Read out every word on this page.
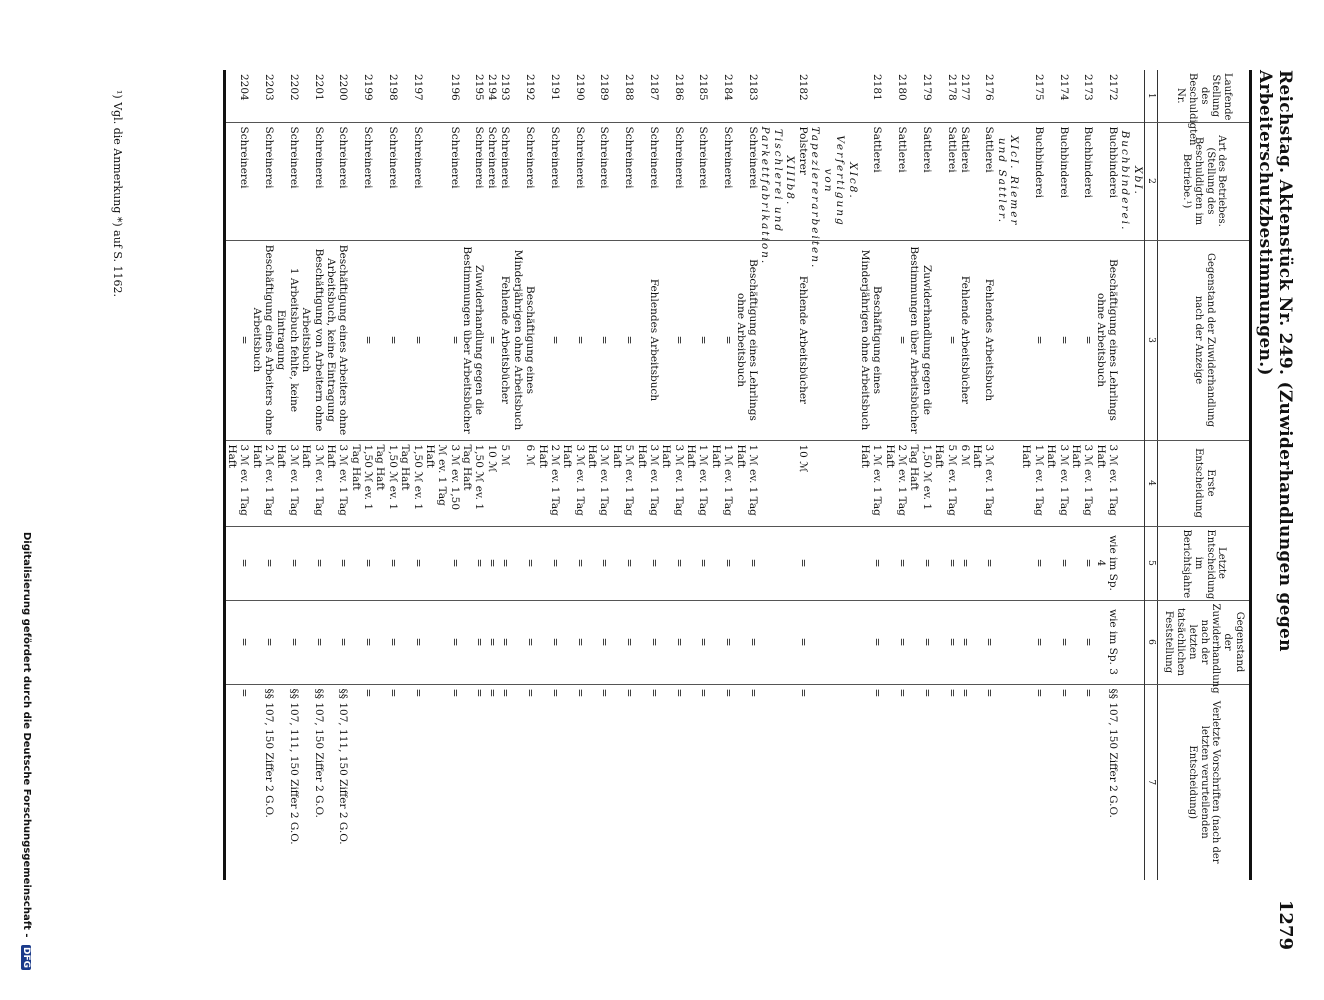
Reichstag. Aktenstück Nr. 249. (Zuwiderhandlungen gegen Arbeiterschutzbestimmungen.)
1279
Laufende Stellung des Beschuldigten Nr.	Art des Betriebes. (Stellung des Beschuldigten im Betriebe.¹)	Gegenstand der Zuwiderhandlung nach der Anzeige	Erste Entscheidung	Letzte Entscheidung im Berichtsjahre	Gegenstand der Zuwiderhandlung nach der letzten tatsächlichen Feststellung	Verletzte Vorschriften (nach der letzten verurteilenden Entscheidung)
1	2	3	4	5	6	7
	XbI. Buchbinderei.					
2172	Buchbinderei	Beschäftigung eines Lehrlings ohne Arbeitsbuch	3 ℳ ev. 1 Tag Haft	wie im Sp. 4	wie im Sp. 3	§§ 107, 150 Ziffer 2 G.O.
2173	Buchbinderei	=	3 ℳ ev. 1 Tag Haft	=	=	=
2174	Buchbinderei	=	3 ℳ ev. 1 Tag Haft	=	=	=
2175	Buchbinderei	=	1 ℳ ev. 1 Tag Haft	=	=	=
	XIcI. Riemer und Sattler.					
2176	Sattlerei	Fehlendes Arbeitsbuch	3 ℳ ev. 1 Tag Haft	=	=	=
2177	Sattlerei	Fehlende Arbeitsbücher	6 ℳ	=	=	=
2178	Sattlerei	=	5 ℳ ev. 1 Tag Haft	=	=	=
2179	Sattlerei	Zuwiderhandlung gegen die Bestimmungen über Arbeitsbücher	1,50 ℳ ev. 1 Tag Haft	=	=	=
2180	Sattlerei	=	2 ℳ ev. 1 Tag Haft	=	=	=
2181	Sattlerei	Beschäftigung eines Minderjährigen ohne Arbeitsbuch	1 ℳ ev. 1 Tag Haft	=	=	=
	XIc8. Verfertigung von Tapeziererarbeiten.					
2182	Polsterer	Fehlende Arbeitsbücher	10 ℳ	=	=	=
	XIIIb8. Tischlerei und Parkettfabrikation.					
2183	Schreinerei	Beschäftigung eines Lehrlings ohne Arbeitsbuch	1 ℳ ev. 1 Tag Haft	=	=	=
2184	Schreinerei	=	1 ℳ ev. 1 Tag Haft	=	=	=
2185	Schreinerei	=	1 ℳ ev. 1 Tag Haft	=	=	=
2186	Schreinerei	=	3 ℳ ev. 1 Tag Haft	=	=	=
2187	Schreinerei	Fehlendes Arbeitsbuch	3 ℳ ev. 1 Tag Haft	=	=	=
2188	Schreinerei	=	5 ℳ ev. 1 Tag Haft	=	=	=
2189	Schreinerei	=	3 ℳ ev. 1 Tag Haft	=	=	=
2190	Schreinerei	=	3 ℳ ev. 1 Tag Haft	=	=	=
2191	Schreinerei	=	2 ℳ ev. 1 Tag Haft	=	=	=
2192	Schreinerei	Beschäftigung eines Minderjährigen ohne Arbeitsbuch	6 ℳ	=	=	=
2193	Schreinerei	Fehlende Arbeitsbücher	5 ℳ	=	=	=
2194	Schreinerei	=	10 ℳ	=	=	=
2195	Schreinerei	Zuwiderhandlung gegen die Bestimmungen über Arbeitsbücher	1,50 ℳ ev. 1 Tag Haft	=	=	=
2196	Schreinerei	=	3 ℳ ev. 1,50 ℳ ev. 1 Tag Haft	=	=	=
2197	Schreinerei	=	1,50 ℳ ev. 1 Tag Haft	=	=	=
2198	Schreinerei	=	1,50 ℳ ev. 1 Tag Haft	=	=	=
2199	Schreinerei	=	1,50 ℳ ev. 1 Tag Haft	=	=	=
2200	Schreinerei	Beschäftigung eines Arbeiters ohne Arbeitsbuch, keine Eintragung	3 ℳ ev. 1 Tag Haft	=	=	§§ 107, 111, 150 Ziffer 2 G.O.
2201	Schreinerei	Beschäftigung von Arbeitern ohne Arbeitsbuch	3 ℳ ev. 1 Tag Haft	=	=	§§ 107, 150 Ziffer 2 G.O.
2202	Schreinerei	1 Arbeitsbuch fehlte, keine Eintragung	3 ℳ ev. 1 Tag Haft	=	=	§§ 107, 111, 150 Ziffer 2 G.O.
2203	Schreinerei	Beschäftigung eines Arbeiters ohne Arbeitsbuch	2 ℳ ev. 1 Tag Haft	=	=	§§ 107, 150 Ziffer 2 G.O.
2204	Schreinerei	=	3 ℳ ev. 1 Tag Haft	=	=	=
¹) Vgl. die Anmerkung *) auf S. 1162.
Digitalisierung gefördert durch die Deutsche Forschungsgemeinschaft - DFG
